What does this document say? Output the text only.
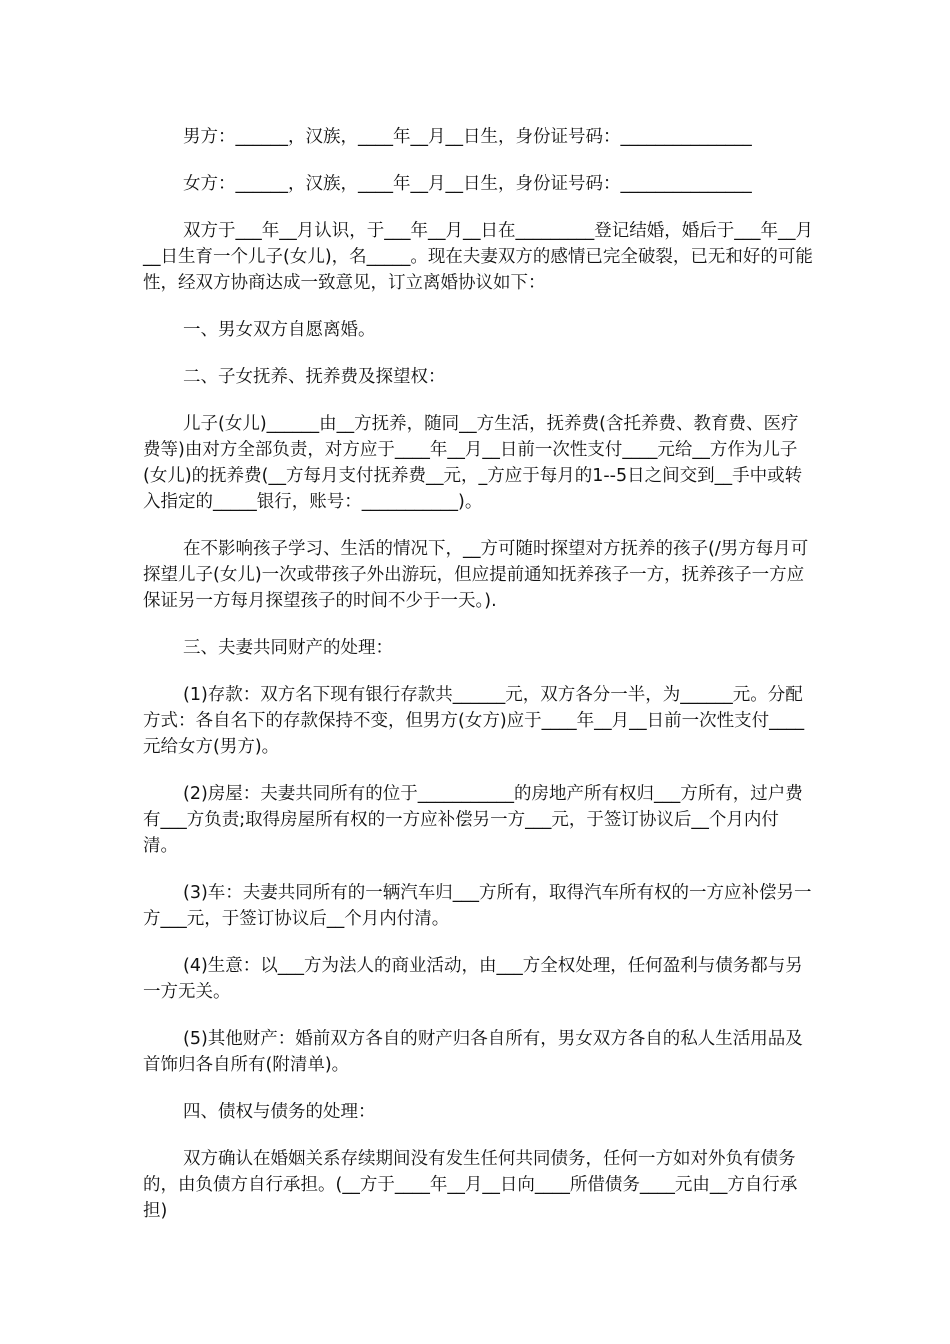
男方：______，汉族，____年__月__日生，身份证号码：_______________

女方：______，汉族，____年__月__日生，身份证号码：_______________

双方于___年__月认识，于___年__月__日在_________登记结婚，婚后于___年__月__日生育一个儿子(女儿)，名_____。现在夫妻双方的感情已完全破裂，已无和好的可能性，经双方协商达成一致意见，订立离婚协议如下：

一、男女双方自愿离婚。

二、子女抚养、抚养费及探望权：

儿子(女儿)______由__方抚养，随同__方生活，抚养费(含托养费、教育费、医疗费等)由对方全部负责，对方应于____年__月__日前一次性支付____元给__方作为儿子(女儿)的抚养费(__方每月支付抚养费__元，_方应于每月的1--5日之间交到__手中或转入指定的_____银行，账号：___________)。

在不影响孩子学习、生活的情况下，__方可随时探望对方抚养的孩子(/男方每月可探望儿子(女儿)一次或带孩子外出游玩，但应提前通知抚养孩子一方，抚养孩子一方应保证另一方每月探望孩子的时间不少于一天。).

三、夫妻共同财产的处理：

(1)存款：双方名下现有银行存款共______元，双方各分一半，为______元。分配方式：各自名下的存款保持不变，但男方(女方)应于____年__月__日前一次性支付____元给女方(男方)。

(2)房屋：夫妻共同所有的位于___________的房地产所有权归___方所有，过户费有___方负责;取得房屋所有权的一方应补偿另一方___元，于签订协议后__个月内付清。

(3)车：夫妻共同所有的一辆汽车归___方所有，取得汽车所有权的一方应补偿另一方___元，于签订协议后__个月内付清。

(4)生意：以___方为法人的商业活动，由___方全权处理，任何盈利与债务都与另一方无关。

(5)其他财产：婚前双方各自的财产归各自所有，男女双方各自的私人生活用品及首饰归各自所有(附清单)。

四、债权与债务的处理：

双方确认在婚姻关系存续期间没有发生任何共同债务，任何一方如对外负有债务的，由负债方自行承担。(__方于____年__月__日向____所借债务____元由__方自行承担)
